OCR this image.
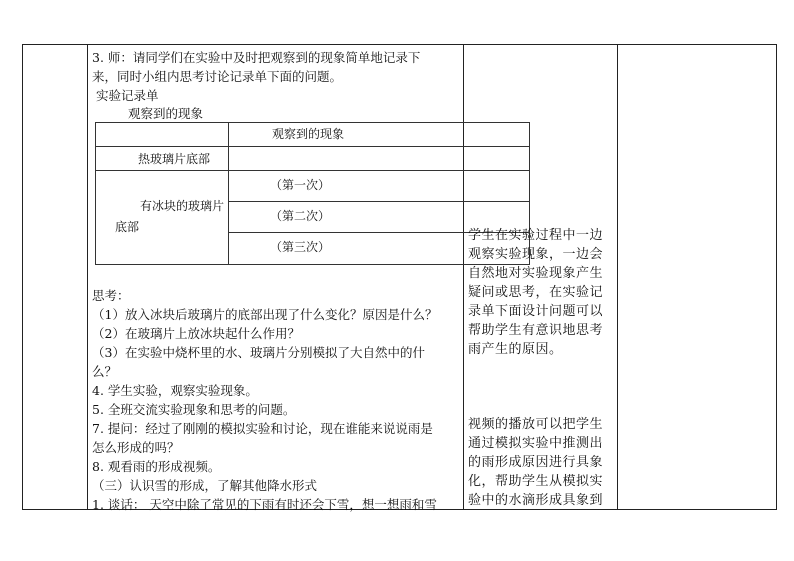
3. 师：请同学们在实验中及时把观察到的现象简单地记录下
来，同时小组内思考讨论记录单下面的问题。
实验记录单
观察到的现象
观察到的现象
热玻璃片底部
有冰块的玻璃片
底部
（第一次）
（第二次）
（第三次）
思考：
（1）放入冰块后玻璃片的底部出现了什么变化？原因是什么？
（2）在玻璃片上放冰块起什么作用？
（3）在实验中烧杯里的水、玻璃片分别模拟了大自然中的什
么？
4. 学生实验，观察实验现象。
5. 全班交流实验现象和思考的问题。
7. 提问：经过了刚刚的模拟实验和讨论，现在谁能来说说雨是
怎么形成的吗？
8. 观看雨的形成视频。
（三）认识雪的形成，了解其他降水形式
1. 谈话： 天空中除了常见的下雨有时还会下雪，想一想雨和雪
学生在实验过程中一边
观察实验现象，一边会
自然地对实验现象产生
疑问或思考，在实验记
录单下面设计问题可以
帮助学生有意识地思考
雨产生的原因。
视频的播放可以把学生
通过模拟实验中推测出
的雨形成原因进行具象
化，帮助学生从模拟实
验中的水滴形成具象到
